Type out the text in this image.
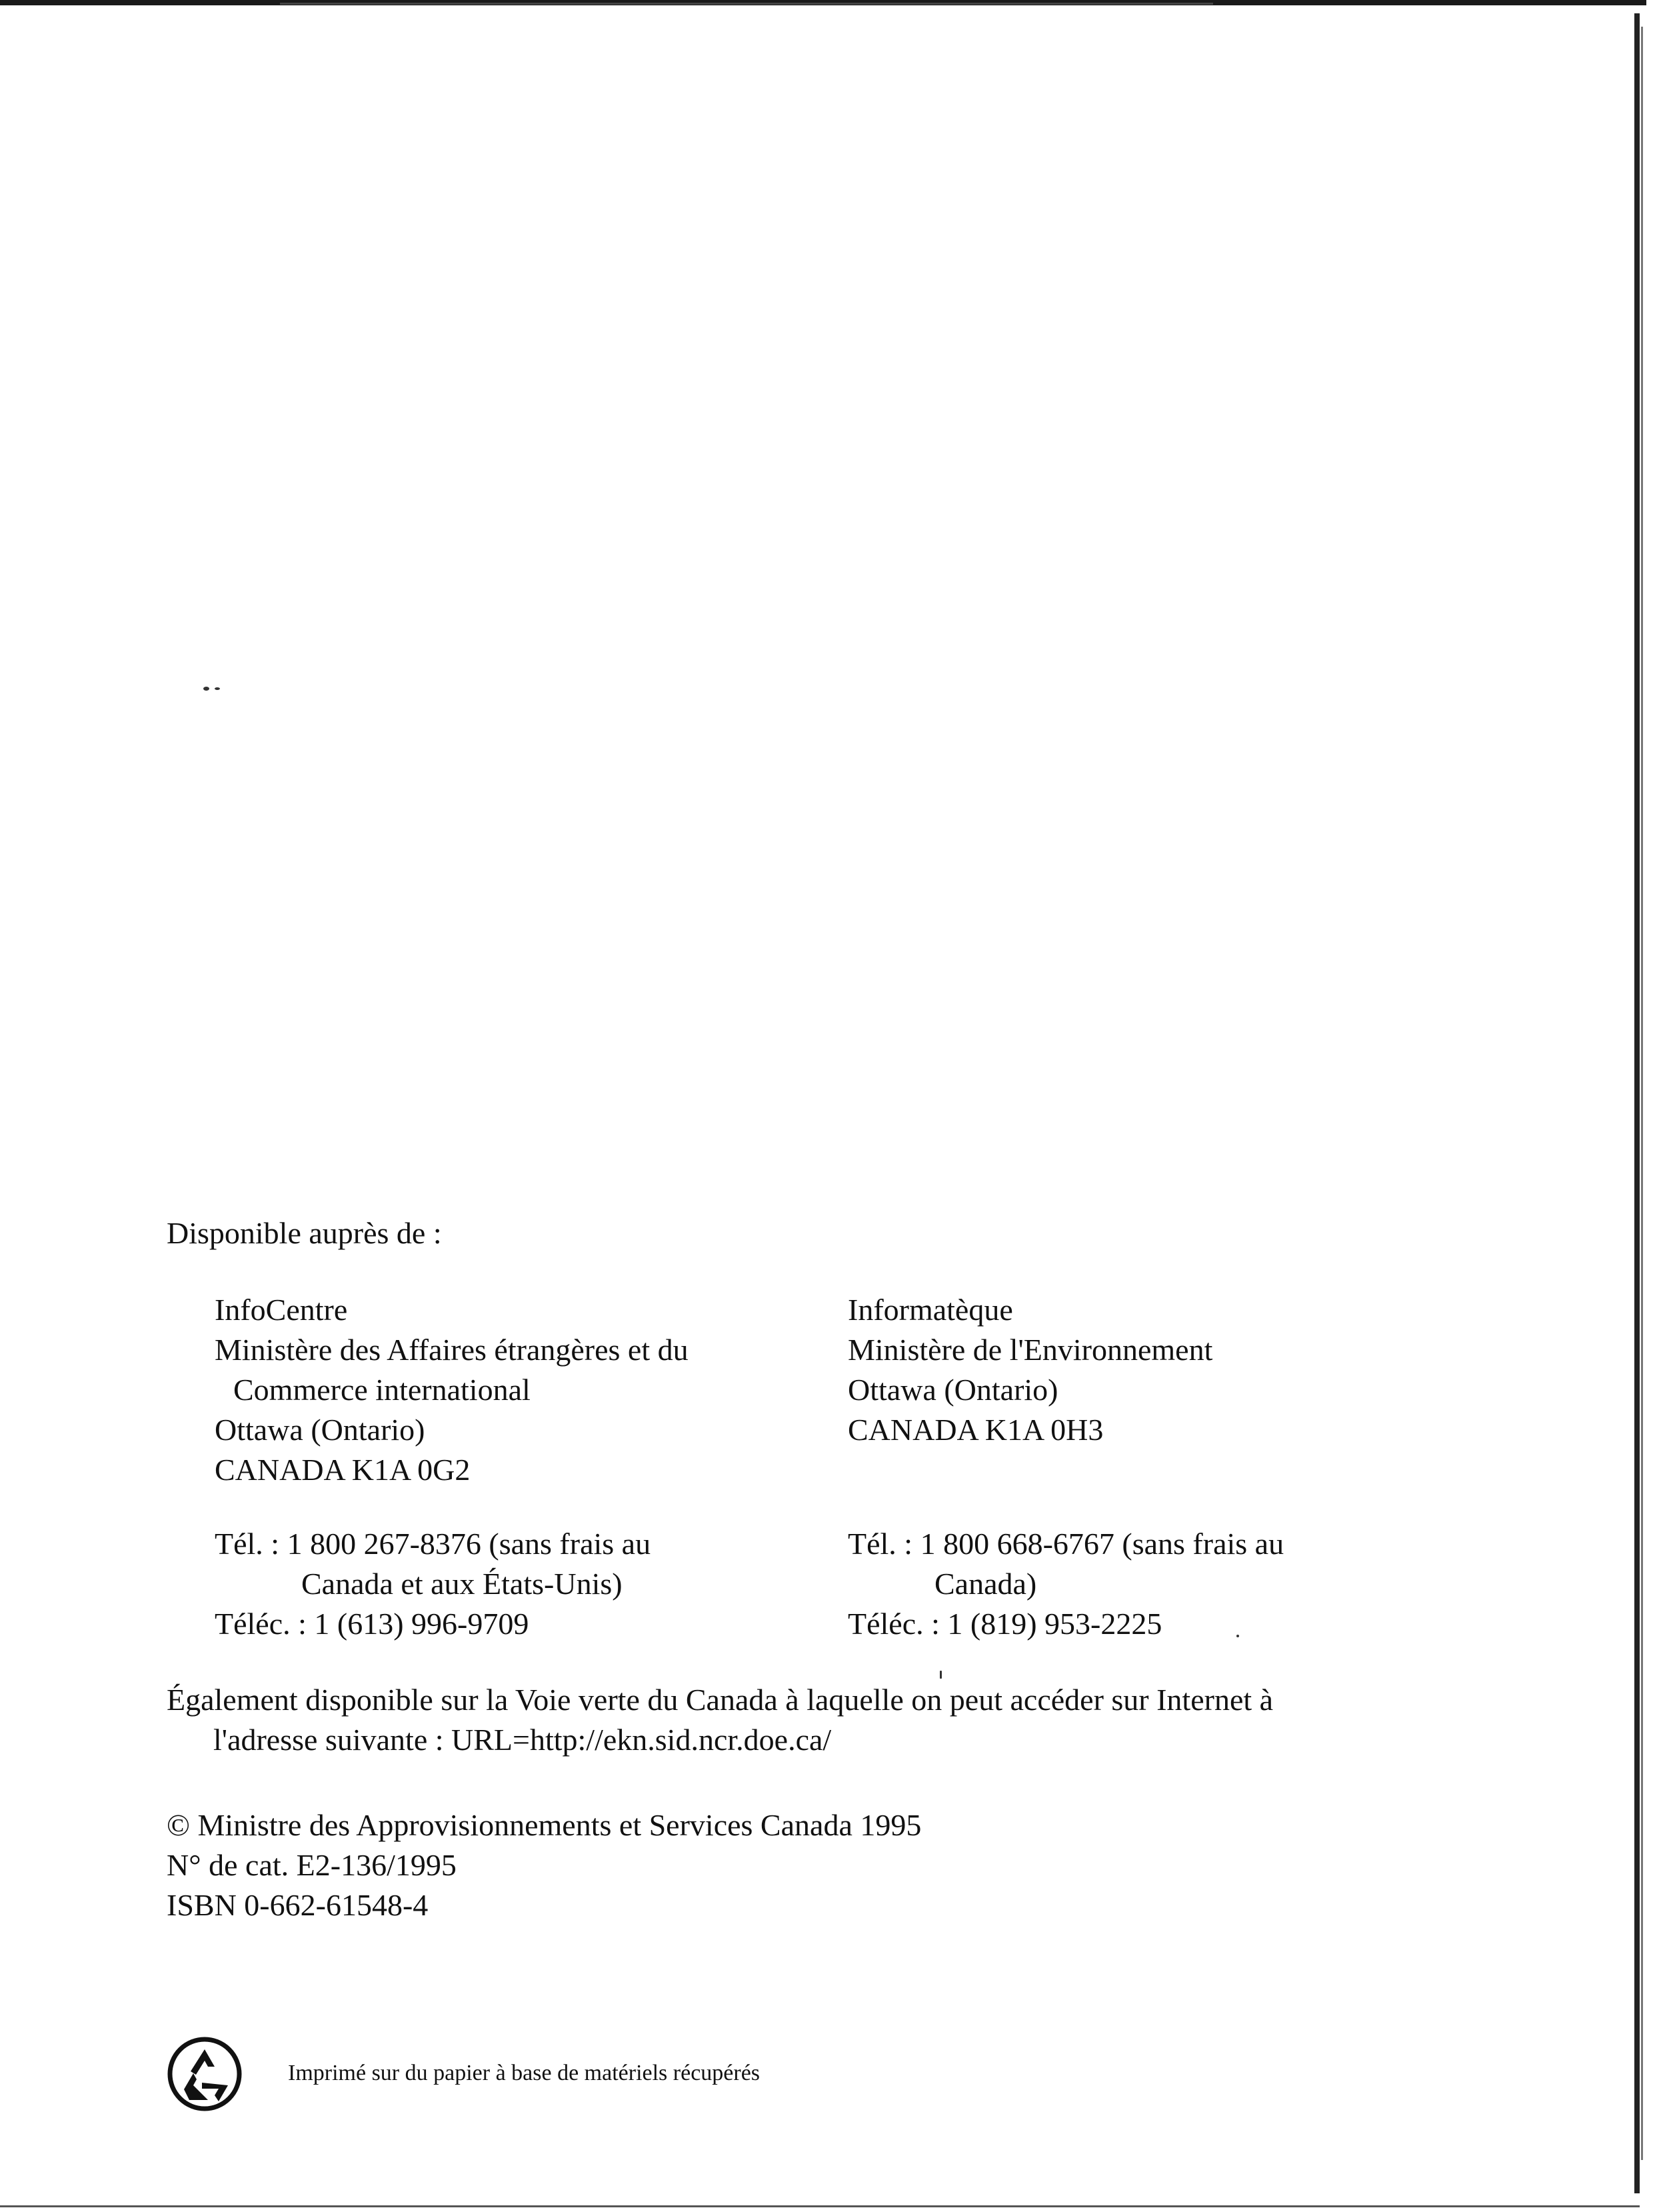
Disponible auprès de :
InfoCentre
Ministère des Affaires étrangères et du
Commerce international
Ottawa (Ontario)
CANADA K1A 0G2
Informatèque
Ministère de l'Environnement
Ottawa (Ontario)
CANADA K1A 0H3
Tél. : 1 800 267-8376 (sans frais au
Canada et aux États-Unis)
Téléc. : 1 (613) 996-9709
Tél. : 1 800 668-6767 (sans frais au
Canada)
Téléc. : 1 (819) 953-2225
Également disponible sur la Voie verte du Canada à laquelle on peut accéder sur Internet à
l'adresse suivante : URL=http://ekn.sid.ncr.doe.ca/
© Ministre des Approvisionnements et Services Canada 1995
N° de cat. E2-136/1995
ISBN 0-662-61548-4
Imprimé sur du papier à base de matériels récupérés
